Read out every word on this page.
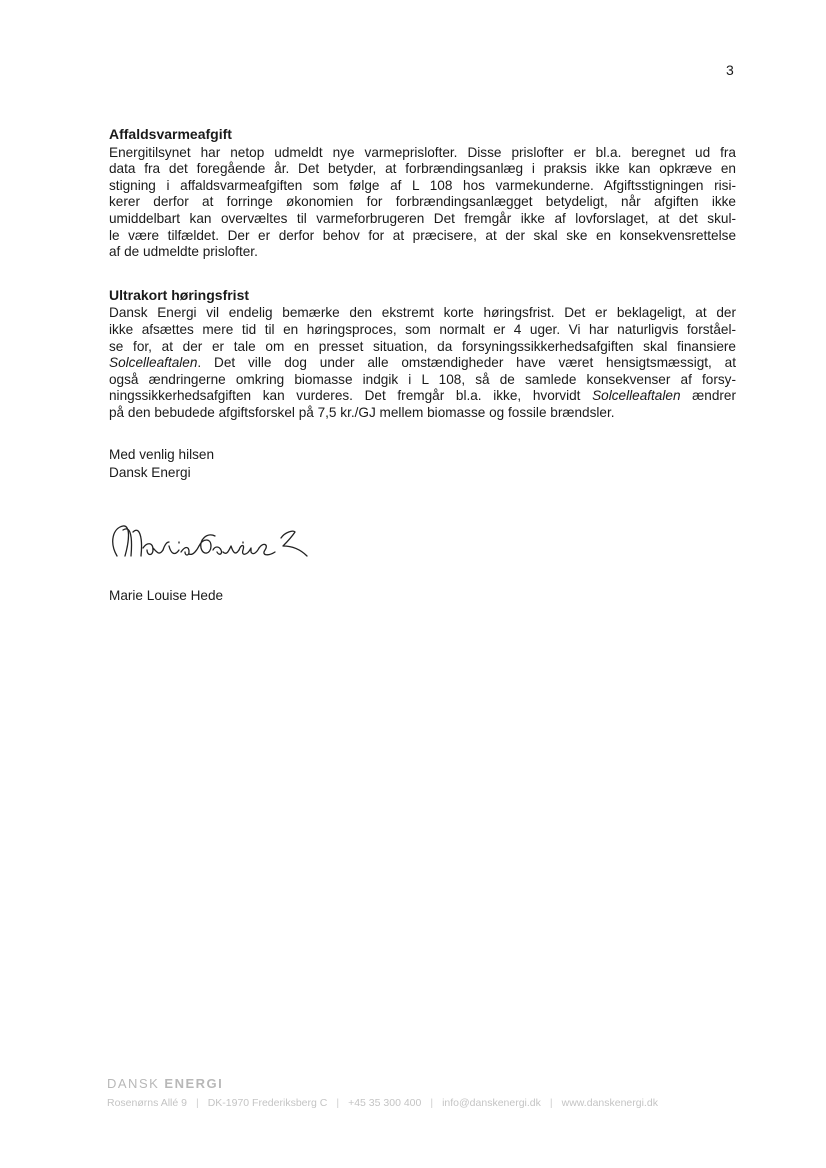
3
Affaldsvarmeafgift
Energitilsynet har netop udmeldt nye varmeprislofter. Disse prislofter er bl.a. beregnet ud fra
data fra det foregående år. Det betyder, at forbrændingsanlæg i praksis ikke kan opkræve en
stigning i affaldsvarmeafgiften som følge af L 108 hos varmekunderne. Afgiftsstigningen risi-
kerer derfor at forringe økonomien for forbrændingsanlægget betydeligt, når afgiften ikke
umiddelbart kan overvæltes til varmeforbrugeren Det fremgår ikke af lovforslaget, at det skul-
le være tilfældet. Der er derfor behov for at præcisere, at der skal ske en konsekvensrettelse
af de udmeldte prislofter.
Ultrakort høringsfrist
Dansk Energi vil endelig bemærke den ekstremt korte høringsfrist. Det er beklageligt, at der
ikke afsættes mere tid til en høringsproces, som normalt er 4 uger. Vi har naturligvis forståel-
se for, at der er tale om en presset situation, da forsyningssikkerhedsafgiften skal finansiere
Solcelleaftalen. Det ville dog under alle omstændigheder have været hensigtsmæssigt, at
også ændringerne omkring biomasse indgik i L 108, så de samlede konsekvenser af forsy-
ningssikkerhedsafgiften kan vurderes. Det fremgår bl.a. ikke, hvorvidt Solcelleaftalen ændrer
på den bebudede afgiftsforskel på 7,5 kr./GJ mellem biomasse og fossile brændsler.
Med venlig hilsen
Dansk Energi
Marie Louise Hede
DANSK ENERGI
Rosenørns Allé 9 | DK-1970 Frederiksberg C | +45 35 300 400 | info@danskenergi.dk | www.danskenergi.dk
